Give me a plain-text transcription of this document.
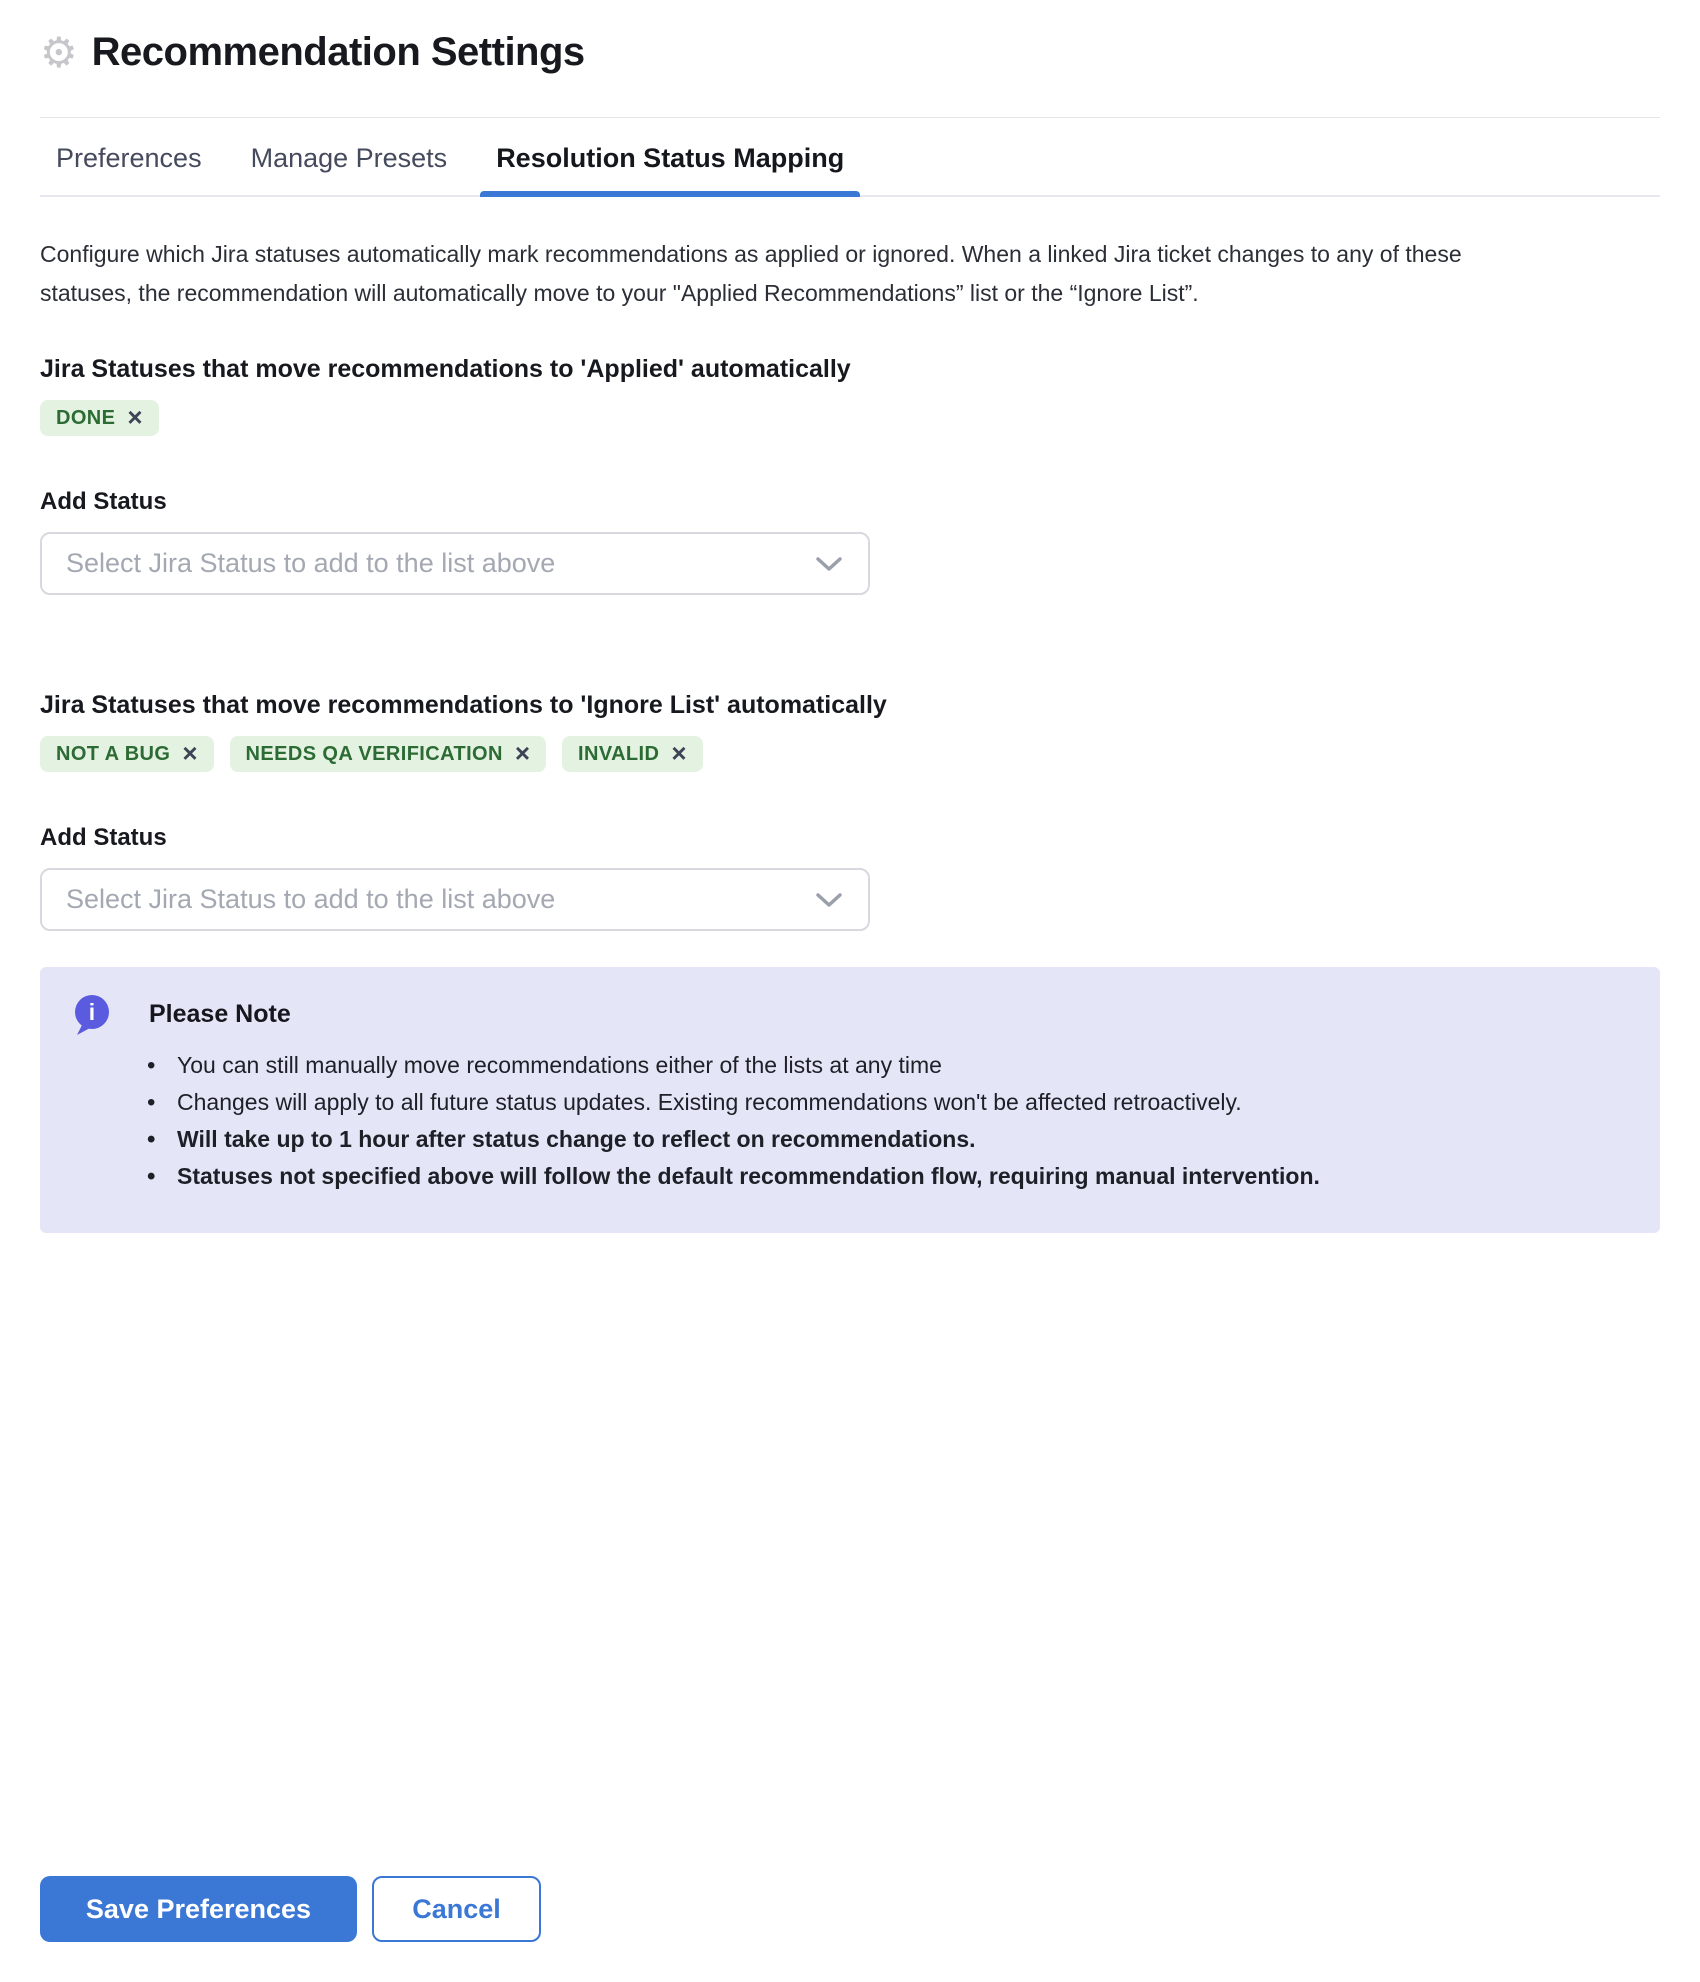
⚙ Recommendation Settings
Preferences	Manage Presets	Resolution Status Mapping
Configure which Jira statuses automatically mark recommendations as applied or ignored. When a linked Jira ticket changes to any of these
statuses, the recommendation will automatically move to your "Applied Recommendations” list or the “Ignore List”.
Jira Statuses that move recommendations to 'Applied' automatically
DONE ×
Add Status
Select Jira Status to add to the list above
Jira Statuses that move recommendations to 'Ignore List' automatically
NOT A BUG × NEEDS QA VERIFICATION × INVALID ×
Add Status
Select Jira Status to add to the list above
i Please Note
• You can still manually move recommendations either of the lists at any time
• Changes will apply to all future status updates. Existing recommendations won't be affected retroactively.
• Will take up to 1 hour after status change to reflect on recommendations.
• Statuses not specified above will follow the default recommendation flow, requiring manual intervention.
Save Preferences	Cancel
